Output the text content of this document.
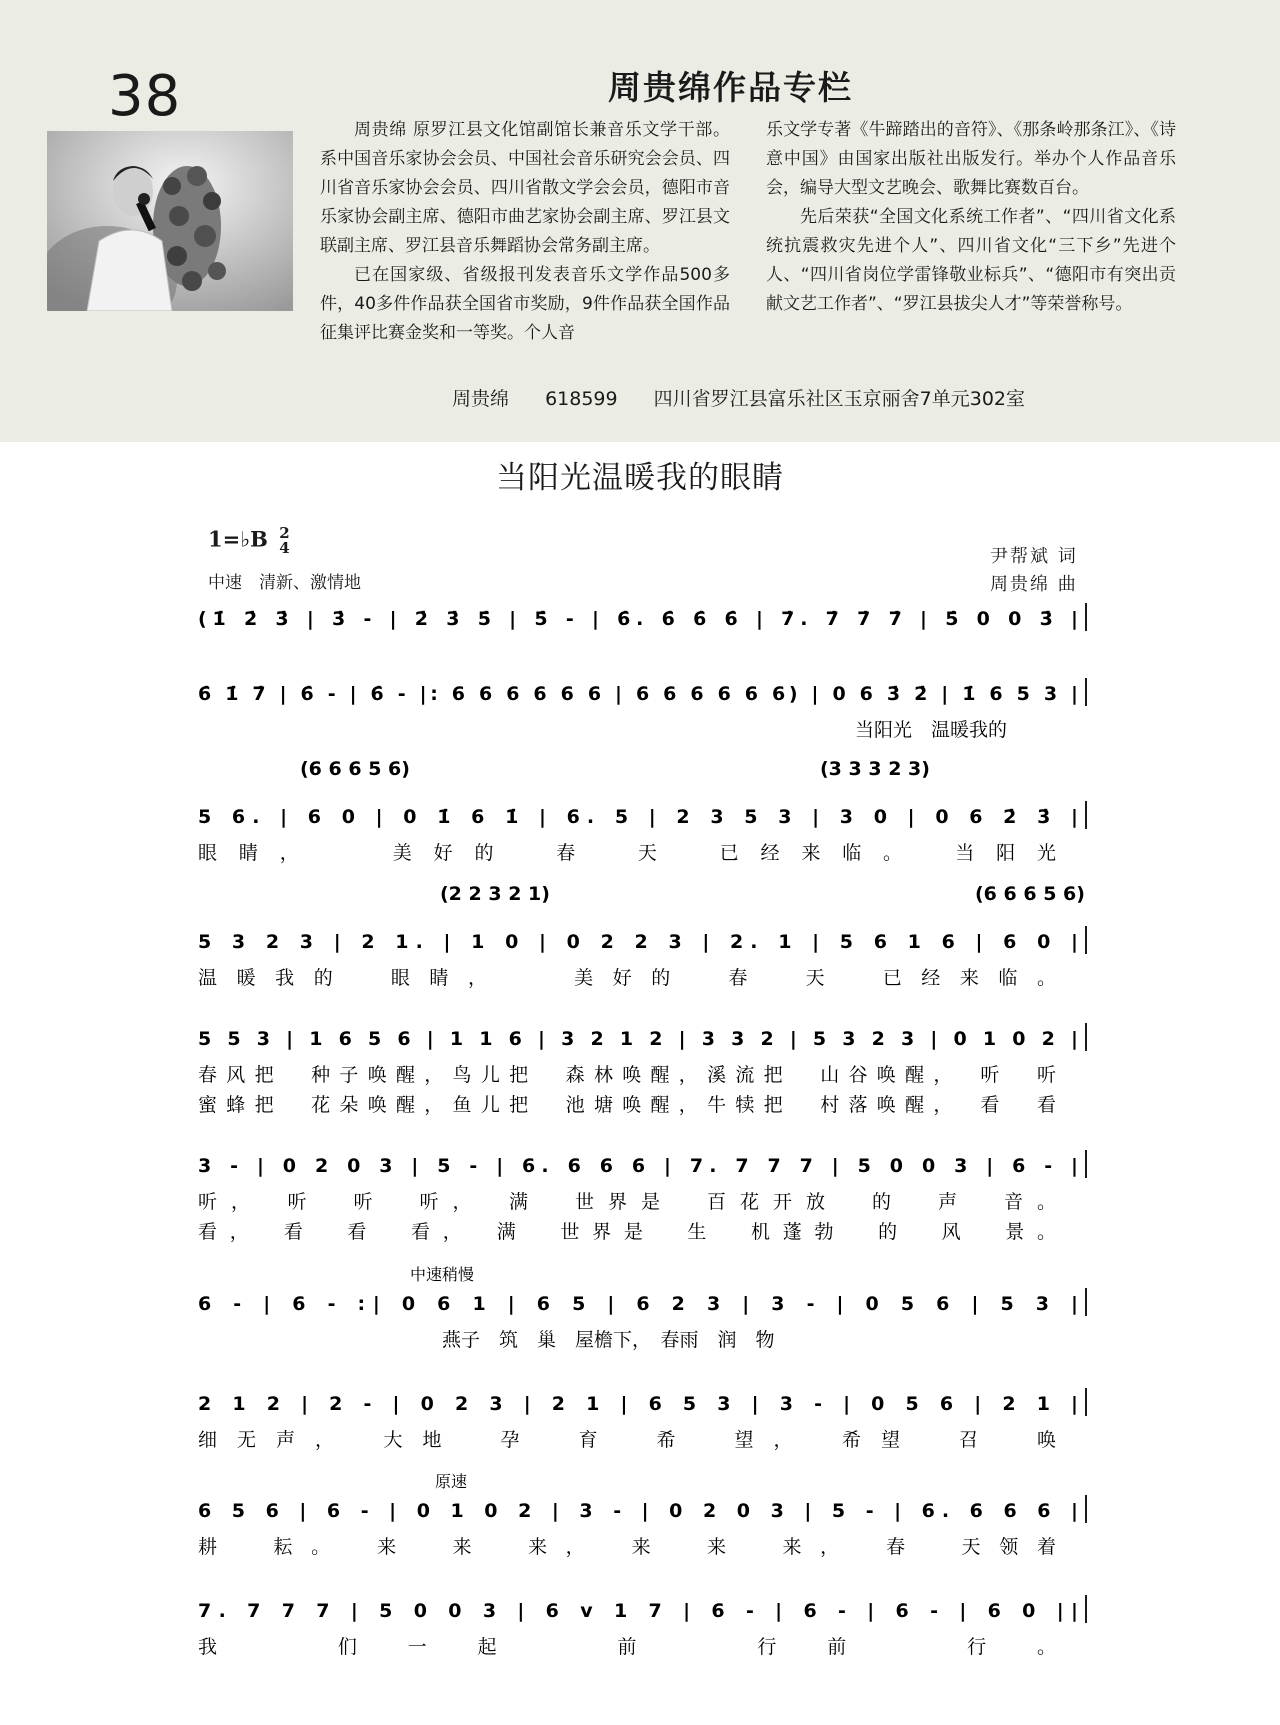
38	周贵绵作品专栏

周贵绵 原罗江县文化馆副馆长兼音乐文学干部。系中国音乐家协会会员、中国社会音乐研究会会员、四川省音乐家协会会员、四川省散文学会会员，德阳市音乐家协会副主席、德阳市曲艺家协会副主席、罗江县文联副主席、罗江县音乐舞蹈协会常务副主席。

已在国家级、省级报刊发表音乐文学作品500多件，40多件作品获全国省市奖励，9件作品获全国作品征集评比赛金奖和一等奖。个人音

乐文学专著《牛蹄踏出的音符》、《那条岭那条江》、《诗意中国》由国家出版社出版发行。举办个人作品音乐会，编导大型文艺晚会、歌舞比赛数百台。

先后荣获“全国文化系统工作者”、“四川省文化系统抗震救灾先进个人”、四川省文化“三下乡”先进个人、“四川省岗位学雷锋敬业标兵”、“德阳市有突出贡献文艺工作者”、“罗江县拔尖人才”等荣誉称号。

周贵绵 618599 四川省罗江县富乐社区玉京丽舍7单元302室
当阳光温暖我的眼睛
1=♭B 2
4
中速　清新、激情地
尹帮斌 词
周贵绵 曲
(1̇ 2̇ 3̇ | 3̇ - | 2̇ 3̇ 5̇ | 5̇ - | 6̇. 6̇ 6̇ 6̇ | 7̇. 7̇ 7̇ 7̇ | 5̇ 0 0 3̇ |
6̇ 1̇ 7̇ | 6̇ - | 6̇ - |: 6 6 6 6 6 6 | 6 6 6 6 6 6) | 0 6 3̇ 2̇ | 1̇ 6 5 3 |
当阳光　温暖我的
5 6. | 6 0 | 0 1̇ 6 1̇ | 6. 5 | 2 3 5 3 | 3 0 | 0 6 2̇ 3̇ |
(6 6 6 5 6)	(3 3 3 2 3)
眼睛，　　美好的　春　天　已经来临。　当阳光
5 3 2 3 | 2 1. | 1 0 | 0 2 2 3 | 2. 1 | 5 6 1 6 | 6 0 |
(2 2 3 2 1)	(6 6 6 5 6)
温暖我的　眼睛，　　美好的　春　天　已经来临。
5 5 3 | 1 6 5 6 | 1 1 6 | 3 2 1 2 | 3 3 2 | 5 3 2 3 | 0 1 0 2 |
春风把　种子唤醒，鸟儿把　森林唤醒，溪流把　山谷唤醒，　听　听
蜜蜂把　花朵唤醒，鱼儿把　池塘唤醒，牛犊把　村落唤醒，　看　看
3 - | 0 2 0 3 | 5 - | 6. 6 6 6 | 7. 7 7 7 | 5 0 0 3 | 6 - |
听，　听　听　听，　满　世界是　百花开放　的　声　音。
看，　看　看　看，　满　世界是　生　机蓬勃　的　风　景。
6 - | 6 - :| 0 6 1 | 6 5 | 6 2 3 | 3 - | 0 5 6 | 5 3 |
燕子　筑　巢　屋檐下，　春雨　润　物
2 1 2 | 2 - | 0 2 3 | 2 1 | 6 5 3 | 3 - | 0 5 6 | 2 1 |
细无声，　大地　孕　育　希　望，　希望　召　唤
6 5 6 | 6 - | 0 1 0 2 | 3 - | 0 2 0 3 | 5 - | 6. 6 6 6 |
耕　耘。　来　来　来，　来　来　来，　春　天领着
7. 7 7 7 | 5 0 0 3 | 6 v 1 7 | 6 - | 6 - | 6 - | 6 0 ||
我　们一起　前　行前　行。
中速稍慢
原速
